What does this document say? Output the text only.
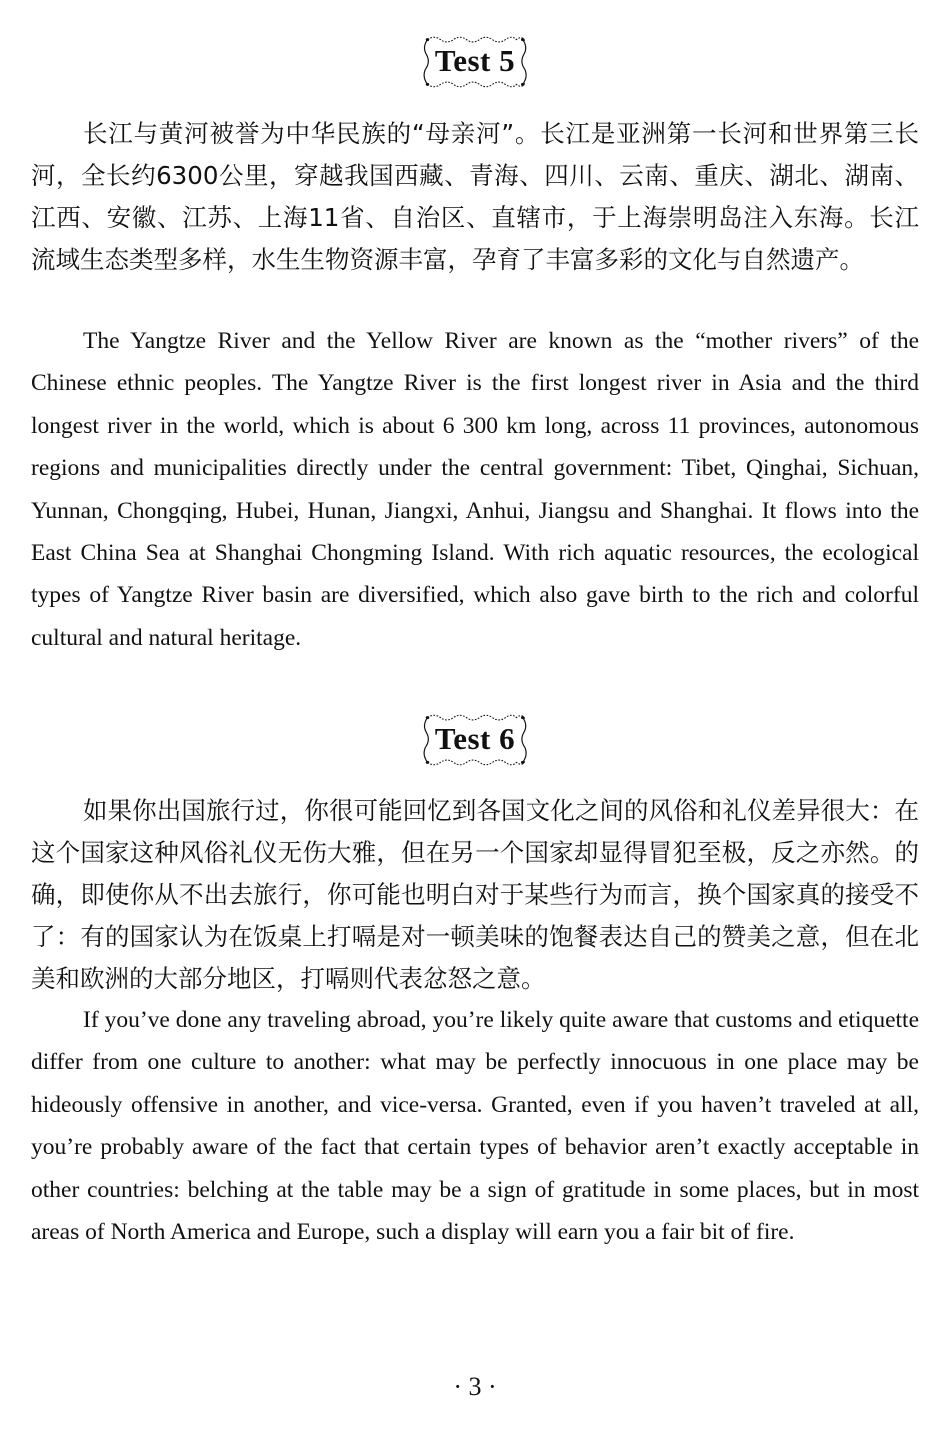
Test 5

长江与黄河被誉为中华民族的“母亲河”。长江是亚洲第一长河和世界第三长河，全长约6300公里，穿越我国西藏、青海、四川、云南、重庆、湖北、湖南、江西、安徽、江苏、上海11省、自治区、直辖市，于上海崇明岛注入东海。长江流域生态类型多样，水生生物资源丰富，孕育了丰富多彩的文化与自然遗产。

The Yangtze River and the Yellow River are known as the “mother rivers” of the Chinese ethnic peoples. The Yangtze River is the first longest river in Asia and the third longest river in the world, which is about 6 300 km long, across 11 provinces, autonomous regions and municipalities directly under the central government: Tibet, Qinghai, Sichuan, Yunnan, Chongqing, Hubei, Hunan, Jiangxi, Anhui, Jiangsu and Shanghai. It flows into the East China Sea at Shanghai Chongming Island. With rich aquatic resources, the ecological types of Yangtze River basin are diversified, which also gave birth to the rich and colorful cultural and natural heritage.

Test 6

如果你出国旅行过，你很可能回忆到各国文化之间的风俗和礼仪差异很大：在这个国家这种风俗礼仪无伤大雅，但在另一个国家却显得冒犯至极，反之亦然。的确，即使你从不出去旅行，你可能也明白对于某些行为而言，换个国家真的接受不了：有的国家认为在饭桌上打嗝是对一顿美味的饱餐表达自己的赞美之意，但在北美和欧洲的大部分地区，打嗝则代表忿怒之意。

If you’ve done any traveling abroad, you’re likely quite aware that customs and etiquette differ from one culture to another: what may be perfectly innocuous in one place may be hideously offensive in another, and vice-versa. Granted, even if you haven’t traveled at all, you’re probably aware of the fact that certain types of behavior aren’t exactly acceptable in other countries: belching at the table may be a sign of gratitude in some places, but in most areas of North America and Europe, such a display will earn you a fair bit of fire.

· 3 ·
